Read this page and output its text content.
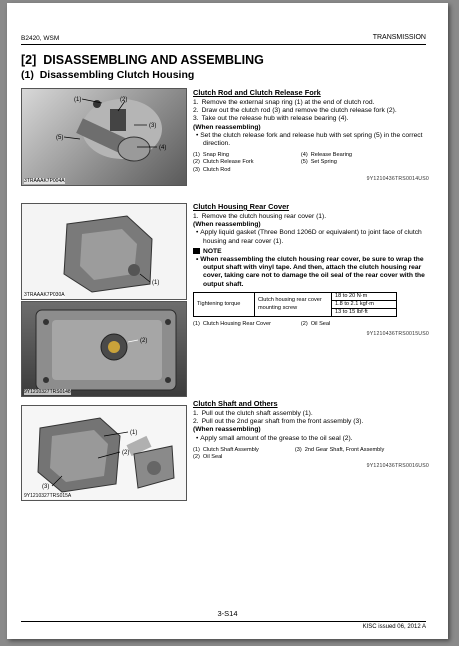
B2420, WSM	TRANSMISSION
[2] DISASSEMBLING AND ASSEMBLING
(1) Disassembling Clutch Housing
(2)
(1)
(5)
(3)
(4)
3TRAAAK7P004A
Clutch Rod and Clutch Release Fork
1. Remove the external snap ring (1) at the end of clutch rod.
2. Draw out the clutch rod (3) and remove the clutch release fork (2).
3. Take out the release hub with release bearing (4).
(When reassembling)
• Set the clutch release fork and release hub with set spring (5) in the correct direction.
(1)	Snap Ring	(4)	Release Bearing
(2)	Clutch Release Fork	(5)	Set Spring
(3)	Clutch Rod		
9Y1210436TRS0014US0
(1)
3TRAAAK7P030A
(2)
9Y1210327TRS0148
Clutch Housing Rear Cover
1. Remove the clutch housing rear cover (1).
(When reassembling)
• Apply liquid gasket (Three Bond 1206D or equivalent) to joint face of clutch housing and rear cover (1).
NOTE
• When reassembling the clutch housing rear cover, be sure to wrap the output shaft with vinyl tape. And then, attach the clutch housing rear cover, taking care not to damage the oil seal of the rear cover with the output shaft.
Tightening torque	Clutch housing rear cover mounting screw	
18 to 20 N·m
1.8 to 2.1 kgf·m
13 to 15 lbf·ft
(1)	Clutch Housing Rear Cover	(2)	Oil Seal
9Y1210436TRS0015US0
(1)
(2)
(3)
9Y1210327TRS015A
Clutch Shaft and Others
1. Pull out the clutch shaft assembly (1).
2. Pull out the 2nd gear shaft from the front assembly (3).
(When reassembling)
• Apply small amount of the grease to the oil seal (2).
(1)	Clutch Shaft Assembly	(3)	2nd Gear Shaft, Front Assembly
(2)	Oil Seal		
9Y1210436TRS0016US0
3-S14
KISC issued 06, 2012 A
